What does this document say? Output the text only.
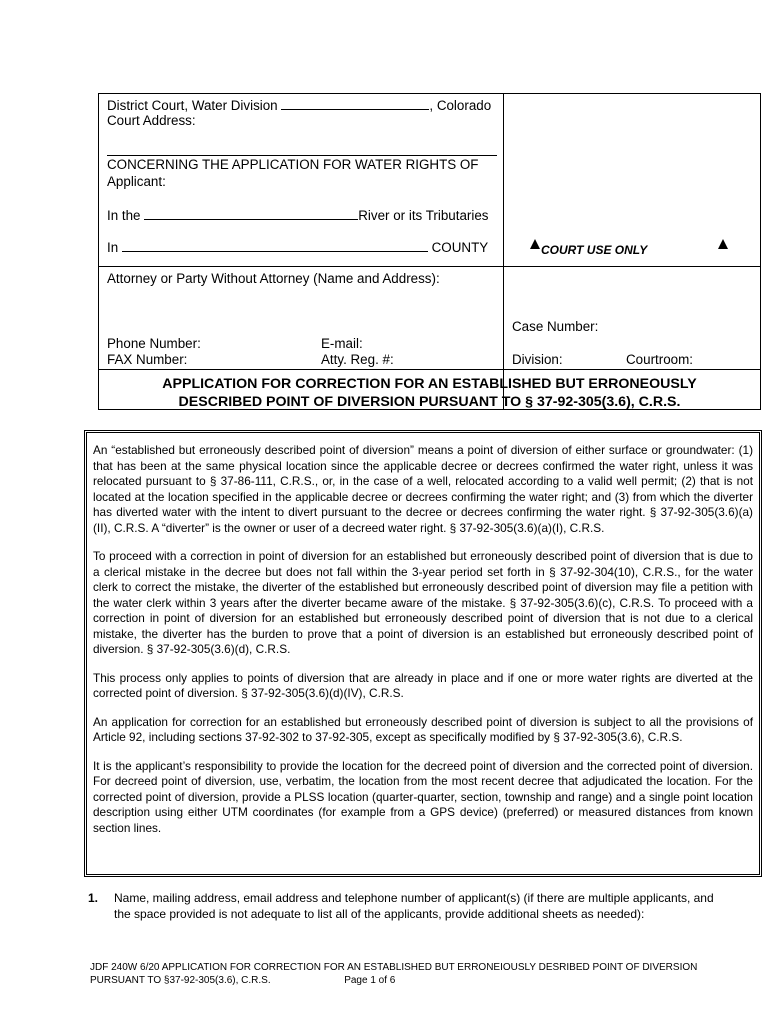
District Court, Water Division	, Colorado
Court Address:
CONCERNING THE APPLICATION FOR WATER RIGHTS OF
Applicant:
In the	River or its Tributaries
In	COUNTY
Attorney or Party Without Attorney (Name and Address):
Phone Number:	E-mail:
FAX Number:	Atty. Reg. #:
COURT USE ONLY
Case Number:
Division:	Courtroom:
APPLICATION FOR CORRECTION FOR AN ESTABLISHED BUT ERRONEOUSLY
DESCRIBED POINT OF DIVERSION PURSUANT TO § 37-92-305(3.6), C.R.S.

An “established but erroneously described point of diversion” means a point of diversion of either surface or groundwater: (1) that has been at the same physical location since the applicable decree or decrees confirmed the water right, unless it was relocated pursuant to § 37-86-111, C.R.S., or, in the case of a well, relocated according to a valid well permit; (2) that is not located at the location specified in the applicable decree or decrees confirming the water right; and (3) from which the diverter has diverted water with the intent to divert pursuant to the decree or decrees confirming the water right. § 37-92-305(3.6)(a)(II), C.R.S. A “diverter” is the owner or user of a decreed water right. § 37-92-305(3.6)(a)(I), C.R.S.

To proceed with a correction in point of diversion for an established but erroneously described point of diversion that is due to a clerical mistake in the decree but does not fall within the 3-year period set forth in § 37-92-304(10), C.R.S., for the water clerk to correct the mistake, the diverter of the established but erroneously described point of diversion may file a petition with the water clerk within 3 years after the diverter became aware of the mistake. § 37-92-305(3.6)(c), C.R.S. To proceed with a correction in point of diversion for an established but erroneously described point of diversion that is not due to a clerical mistake, the diverter has the burden to prove that a point of diversion is an established but erroneously described point of diversion. § 37-92-305(3.6)(d), C.R.S.

This process only applies to points of diversion that are already in place and if one or more water rights are diverted at the corrected point of diversion. § 37-92-305(3.6)(d)(IV), C.R.S.

An application for correction for an established but erroneously described point of diversion is subject to all the provisions of Article 92, including sections 37-92-302 to 37-92-305, except as specifically modified by § 37-92-305(3.6), C.R.S.

It is the applicant’s responsibility to provide the location for the decreed point of diversion and the corrected point of diversion. For decreed point of diversion, use, verbatim, the location from the most recent decree that adjudicated the location. For the corrected point of diversion, provide a PLSS location (quarter-quarter, section, township and range) and a single point location description using either UTM coordinates (for example from a GPS device) (preferred) or measured distances from known section lines.

1. Name, mailing address, email address and telephone number of applicant(s) (if there are multiple applicants, and the space provided is not adequate to list all of the applicants, provide additional sheets as needed):
JDF 240W 6/20 APPLICATION FOR CORRECTION FOR AN ESTABLISHED BUT ERRONEIOUSLY DESRIBED POINT OF DIVERSION
PURSUANT TO §37-92-305(3.6), C.R.S.	Page 1 of 6
